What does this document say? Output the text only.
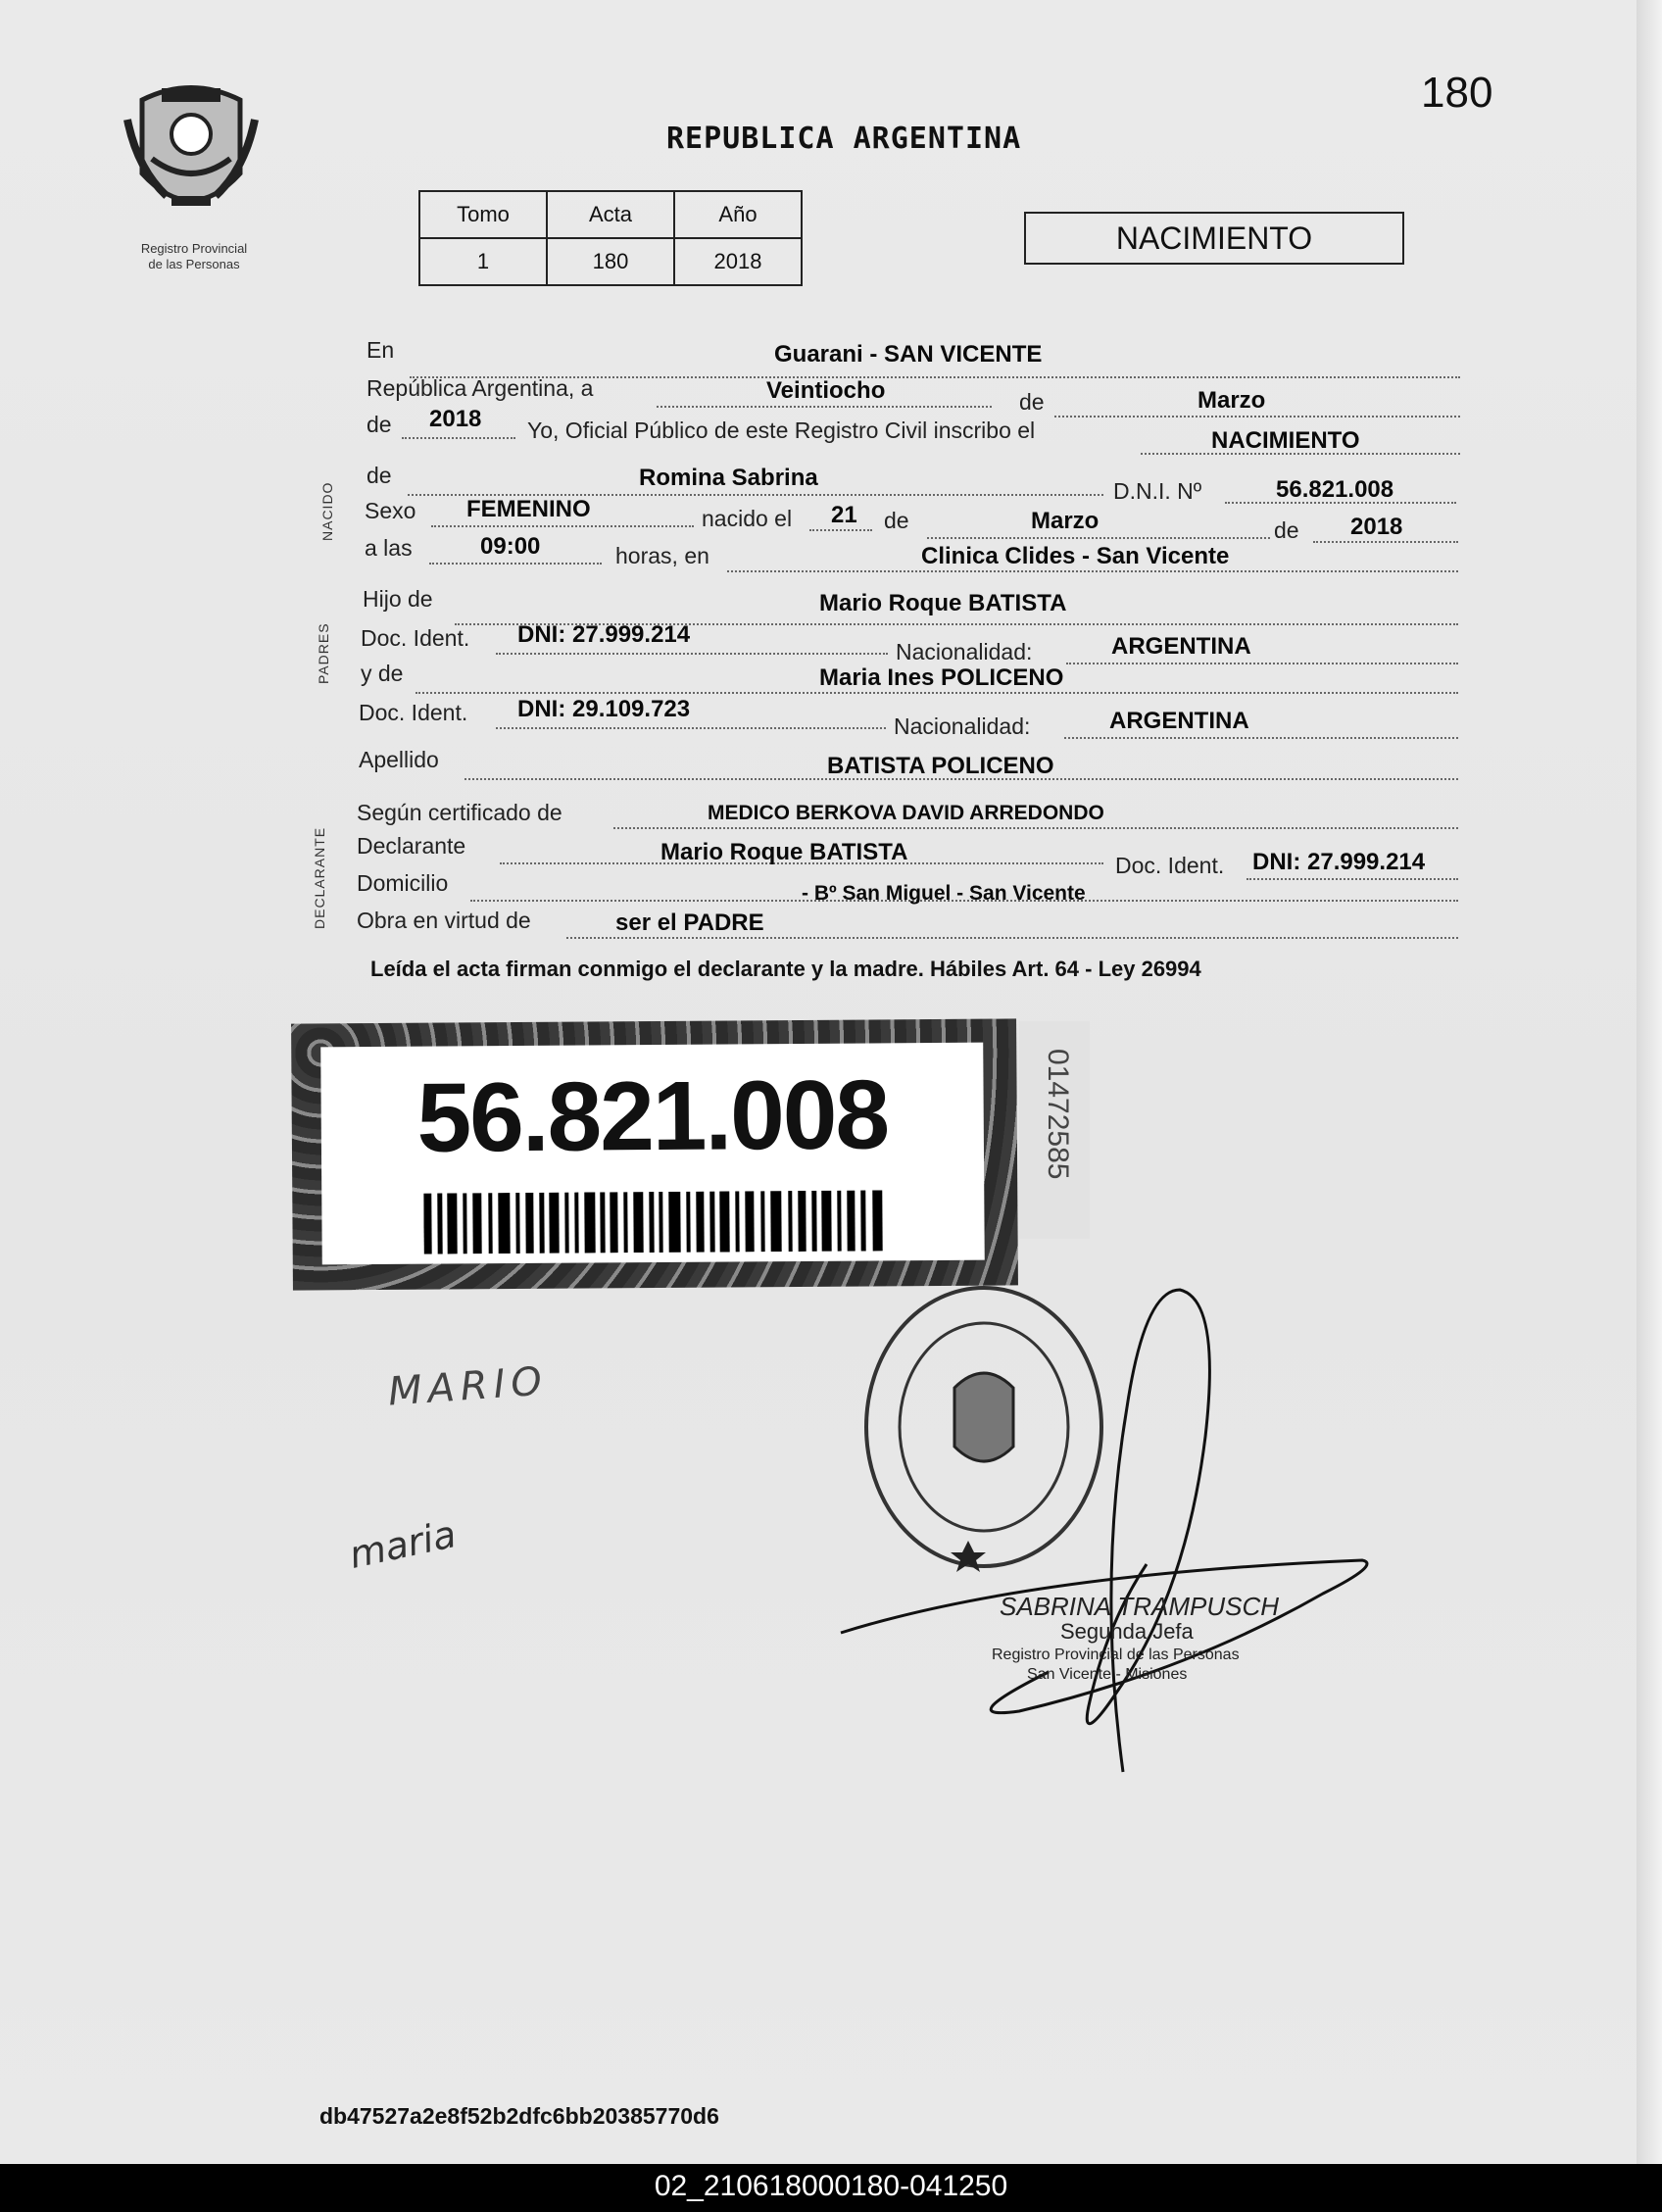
180
Registro Provincial
de las Personas
REPUBLICA ARGENTINA
Tomo	Acta	Año
1	180	2018
NACIMIENTO
NACIDO
PADRES
DECLARANTE
En	Guarani - SAN VICENTE
República Argentina, a	Veintiocho	de	Marzo
de 2018 Yo, Oficial Público de este Registro Civil inscribo el	NACIMIENTO
de	Romina Sabrina	D.N.I. Nº	56.821.008
Sexo FEMENINO	nacido el 21 de	Marzo	de 2018
a las	09:00	horas, en	Clinica Clides - San Vicente
Hijo de	Mario Roque BATISTA
Doc. Ident. DNI: 27.999.214
Nacionalidad:	ARGENTINA
y de	Maria Ines POLICENO
Doc. Ident. DNI: 29.109.723
Nacionalidad:	ARGENTINA
Apellido	BATISTA POLICENO
Según certificado de	MEDICO BERKOVA DAVID ARREDONDO
Declarante	Mario Roque BATISTA	Doc. Ident. DNI: 27.999.214
Domicilio	- Bº San Miguel - San Vicente
Obra en virtud de	ser el PADRE
Leída el acta firman conmigo el declarante y la madre. Hábiles Art. 64 - Ley 26994
56.821.008	01472585
MARIO
maria
SABRINA TRAMPUSCH
Segunda Jefa
Registro Provincial de las Personas
San Vicente - Misiones
db47527a2e8f52b2dfc6bb20385770d6
02_210618000180-041250
